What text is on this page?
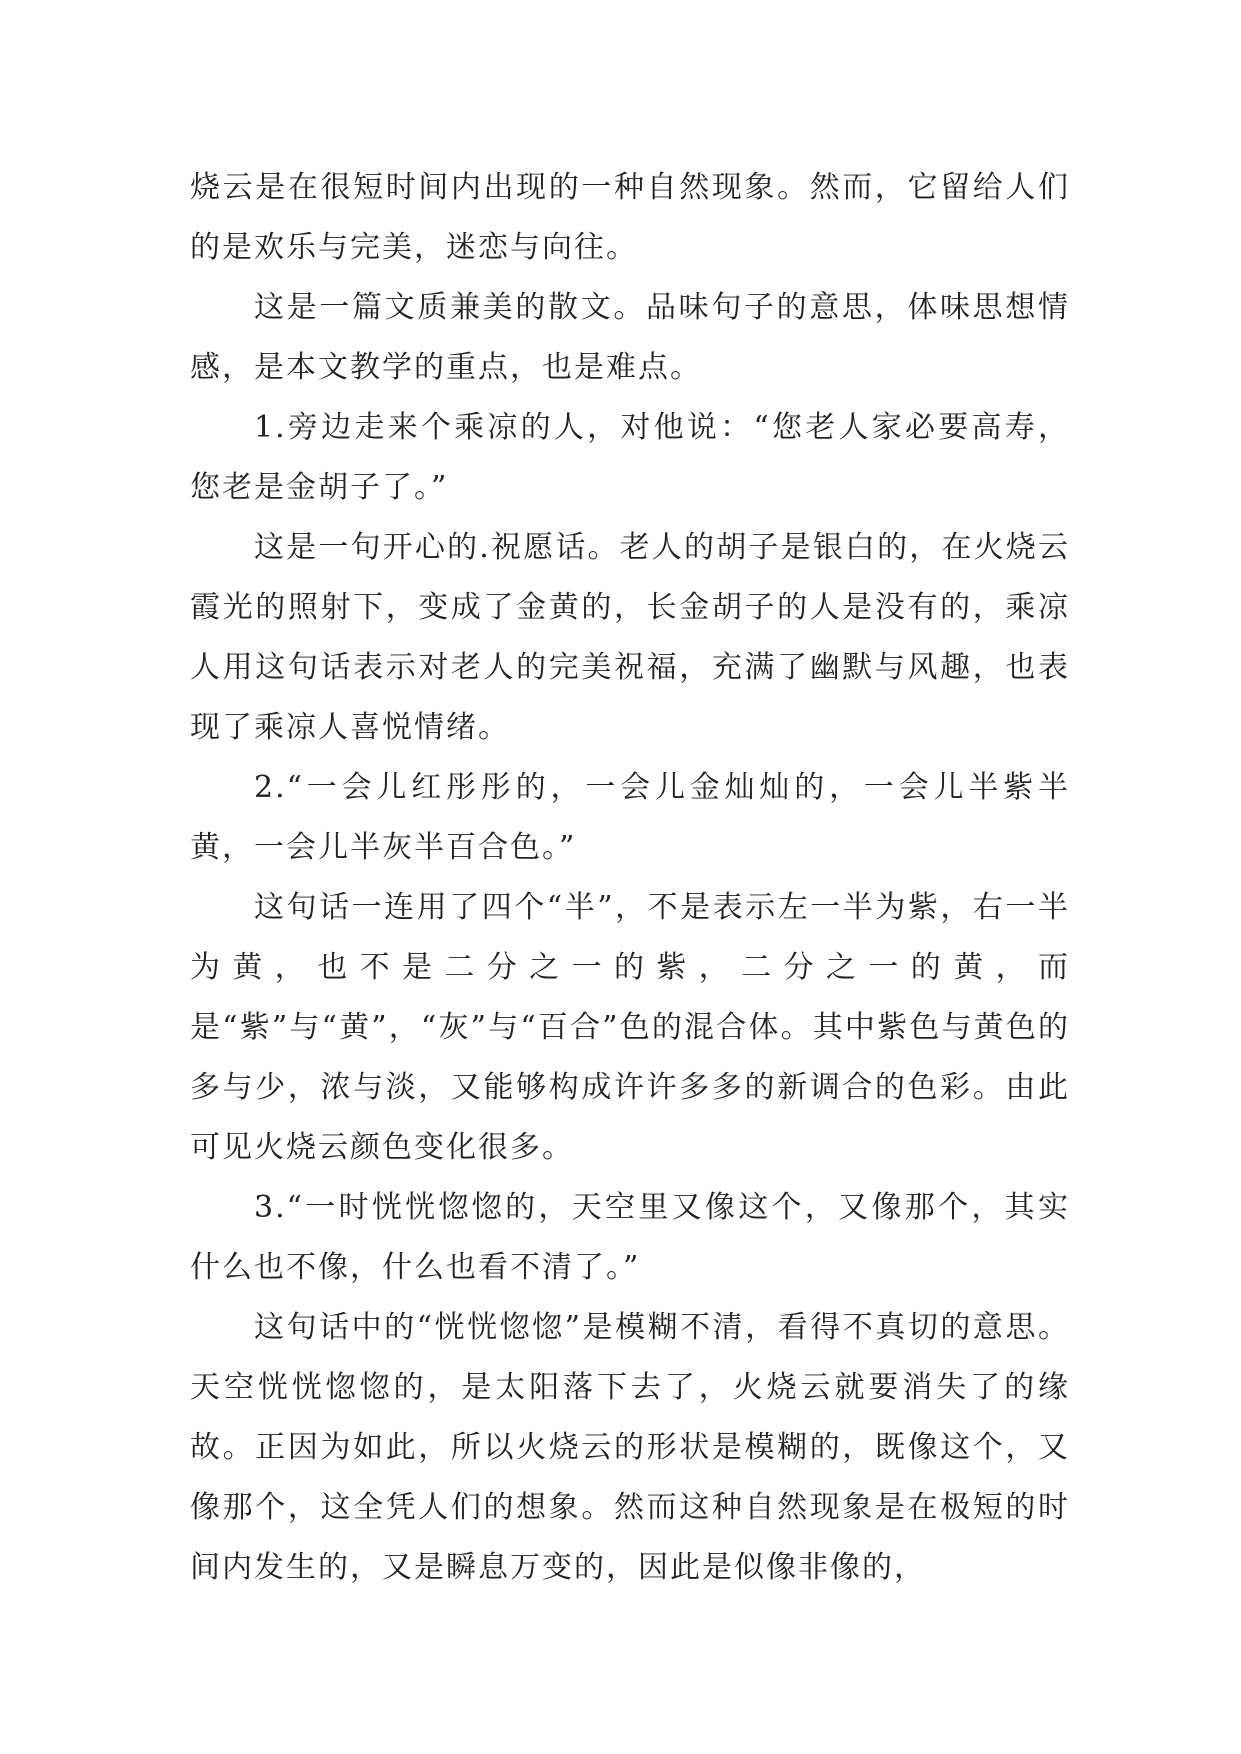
烧云是在很短时间内出现的一种自然现象。然而，它留给人们的是欢乐与完美，迷恋与向往。

这是一篇文质兼美的散文。品味句子的意思，体味思想情感，是本文教学的重点，也是难点。

1.旁边走来个乘凉的人，对他说：“您老人家必要高寿，您老是金胡子了。”

这是一句开心的.祝愿话。老人的胡子是银白的，在火烧云霞光的照射下，变成了金黄的，长金胡子的人是没有的，乘凉人用这句话表示对老人的完美祝福，充满了幽默与风趣，也表现了乘凉人喜悦情绪。

2.“一会儿红彤彤的，一会儿金灿灿的，一会儿半紫半黄，一会儿半灰半百合色。”

这句话一连用了四个“半”，不是表示左一半为紫，右一半为黄，也不是二分之一的紫，二分之一的黄，而是“紫”与“黄”，“灰”与“百合”色的混合体。其中紫色与黄色的多与少，浓与淡，又能够构成许许多多的新调合的色彩。由此可见火烧云颜色变化很多。

3.“一时恍恍惚惚的，天空里又像这个，又像那个，其实什么也不像，什么也看不清了。”

这句话中的“恍恍惚惚”是模糊不清，看得不真切的意思。天空恍恍惚惚的，是太阳落下去了，火烧云就要消失了的缘故。正因为如此，所以火烧云的形状是模糊的，既像这个，又像那个，这全凭人们的想象。然而这种自然现象是在极短的时间内发生的，又是瞬息万变的，因此是似像非像的，
